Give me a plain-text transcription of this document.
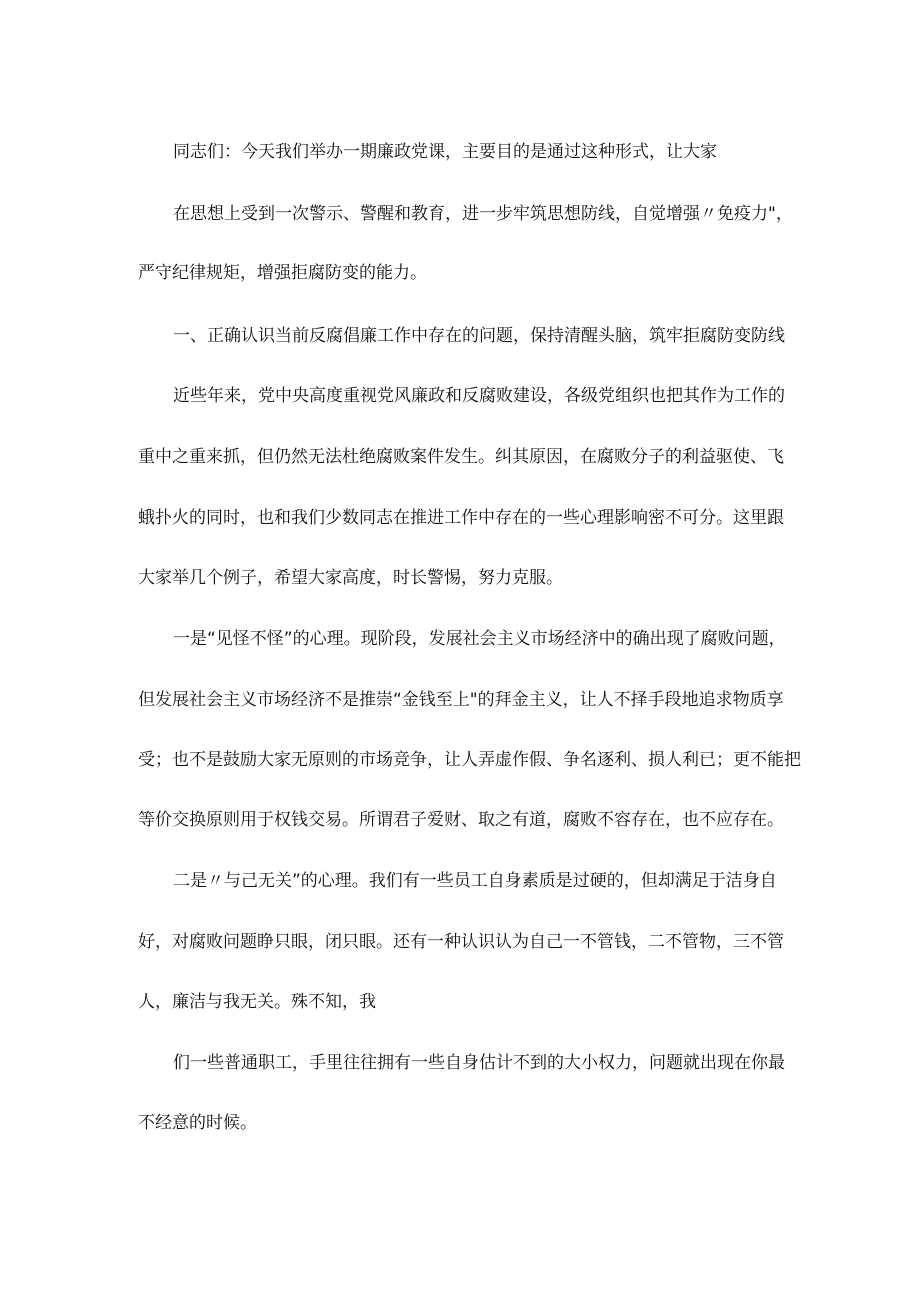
同志们：今天我们举办一期廉政党课，主要目的是通过这种形式，让大家

在思想上受到一次警示、警醒和教育，进一步牢筑思想防线，自觉增强〃免疫力"，

严守纪律规矩，增强拒腐防变的能力。

一、正确认识当前反腐倡廉工作中存在的问题，保持清醒头脑，筑牢拒腐防变防线

近些年来，党中央高度重视党风廉政和反腐败建设，各级党组织也把其作为工作的

重中之重来抓，但仍然无法杜绝腐败案件发生。纠其原因，在腐败分子的利益驱使、飞

蛾扑火的同时，也和我们少数同志在推进工作中存在的一些心理影响密不可分。这里跟

大家举几个例子，希望大家高度，时长警惕，努力克服。

一是“见怪不怪”的心理。现阶段，发展社会主义市场经济中的确出现了腐败问题，

但发展社会主义市场经济不是推崇“金钱至上"的拜金主义，让人不择手段地追求物质享

受；也不是鼓励大家无原则的市场竞争，让人弄虚作假、争名逐利、损人利已；更不能把

等价交换原则用于权钱交易。所谓君子爱财、取之有道，腐败不容存在，也不应存在。

二是〃与己无关”的心理。我们有一些员工自身素质是过硬的，但却满足于洁身自

好，对腐败问题睁只眼，闭只眼。还有一种认识认为自己一不管钱，二不管物，三不管

人，廉洁与我无关。殊不知，我

们一些普通职工，手里往往拥有一些自身估计不到的大小权力，问题就出现在你最

不经意的时候。
